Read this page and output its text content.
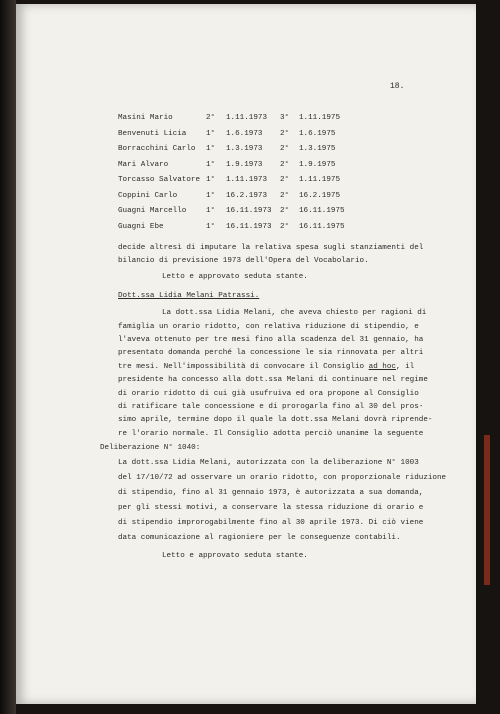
18.
Masini Mario	2° 1.11.1973 3° 1.11.1975
Benvenuti Licia	1° 1.6.1973 2° 1.6.1975
Borracchini Carlo 1° 1.3.1973 2° 1.3.1975
Mari Alvaro	1° 1.9.1973 2° 1.9.1975
Torcasso Salvatore 1° 1.11.1973 2° 1.11.1975
Coppini Carlo	1° 16.2.1973 2° 16.2.1975
Guagni Marcello	1° 16.11.1973 2° 16.11.1975
Guagni Ebe	1° 16.11.1973 2° 16.11.1975
decide altresì di imputare la relativa spesa sugli stanziamenti del
bilancio di previsione 1973 dell'Opera del Vocabolario.
Letto e approvato seduta stante.
Dott.ssa Lidia Melani Patrassi.
La dott.ssa Lidia Melani, che aveva chiesto per ragioni di
famiglia un orario ridotto, con relativa riduzione di stipendio, e
l'aveva ottenuto per tre mesi fino alla scadenza del 31 gennaio, ha
presentato domanda perché la concessione le sia rinnovata per altri
tre mesi. Nell'impossibilità di convocare il Consiglio ad hoc, il
presidente ha concesso alla dott.ssa Melani di continuare nel regime
di orario ridotto di cui già usufruiva ed ora propone al Consiglio
di ratificare tale concessione e di prorogarla fino al 30 del pros-
simo aprile, termine dopo il quale la dott.ssa Melani dovrà riprende-
re l'orario normale. Il Consiglio adotta perciò unanime la seguente
Deliberazione N° 1040:
La dott.ssa Lidia Melani, autorizzata con la deliberazione N° 1003
del 17/10/72 ad osservare un orario ridotto, con proporzionale riduzione
di stipendio, fino al 31 gennaio 1973, è autorizzata a sua domanda,
per gli stessi motivi, a conservare la stessa riduzione di orario e
di stipendio improrogabilmente fino al 30 aprile 1973. Di ciò viene
data comunicazione al ragioniere per le conseguenze contabili.
Letto e approvato seduta stante.
